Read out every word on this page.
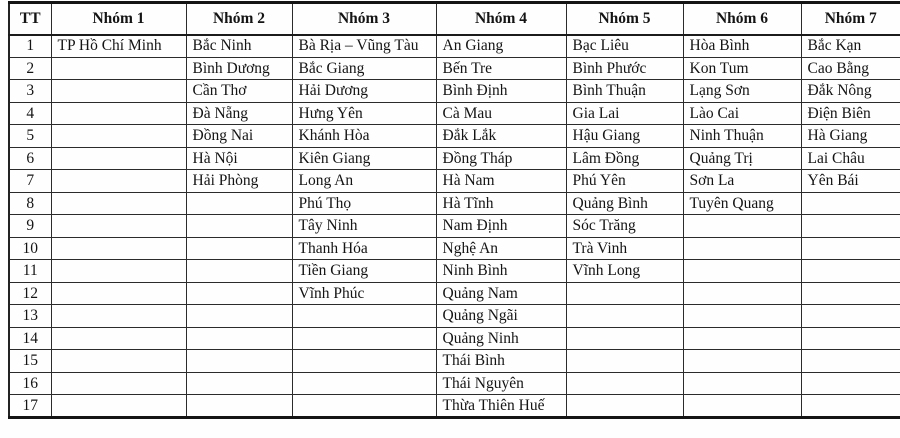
TT	Nhóm 1	Nhóm 2	Nhóm 3	Nhóm 4	Nhóm 5	Nhóm 6	Nhóm 7
1	TP Hồ Chí Minh	Bắc Ninh	Bà Rịa – Vũng Tàu	An Giang	Bạc Liêu	Hòa Bình	Bắc Kạn
2		Bình Dương	Bắc Giang	Bến Tre	Bình Phước	Kon Tum	Cao Bằng
3		Cần Thơ	Hải Dương	Bình Định	Bình Thuận	Lạng Sơn	Đắk Nông
4		Đà Nẵng	Hưng Yên	Cà Mau	Gia Lai	Lào Cai	Điện Biên
5		Đồng Nai	Khánh Hòa	Đắk Lắk	Hậu Giang	Ninh Thuận	Hà Giang
6		Hà Nội	Kiên Giang	Đồng Tháp	Lâm Đồng	Quảng Trị	Lai Châu
7		Hải Phòng	Long An	Hà Nam	Phú Yên	Sơn La	Yên Bái
8			Phú Thọ	Hà Tĩnh	Quảng Bình	Tuyên Quang	
9			Tây Ninh	Nam Định	Sóc Trăng		
10			Thanh Hóa	Nghệ An	Trà Vinh		
11			Tiền Giang	Ninh Bình	Vĩnh Long		
12			Vĩnh Phúc	Quảng Nam			
13				Quảng Ngãi			
14				Quảng Ninh			
15				Thái Bình			
16				Thái Nguyên			
17				Thừa Thiên Huế			
